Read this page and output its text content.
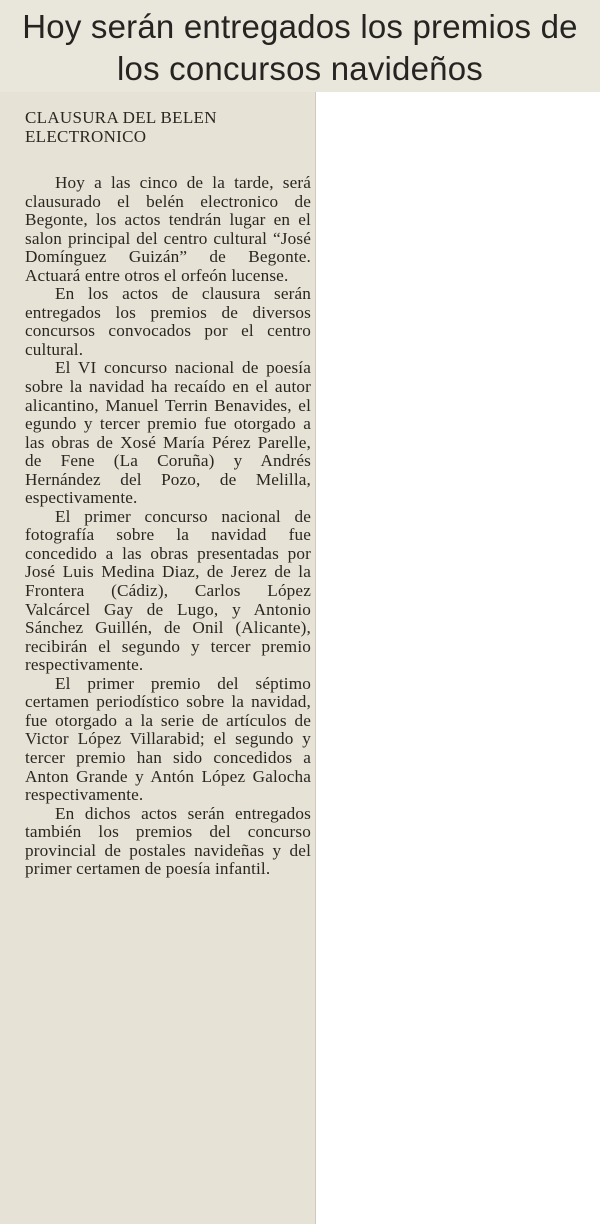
Hoy serán entregados los premios de
los concursos navideños
CLAUSURA DEL BELEN ELECTRONICO

Hoy a las cinco de la tarde, será clausurado el belén electronico de Begonte, los actos tendrán lugar en el salon principal del centro cultural “José Domínguez Guizán” de Begonte. Actuará entre otros el orfeón lucense.

En los actos de clausura serán entregados los premios de diversos concursos convocados por el centro cultural.

El VI concurso nacional de poesía sobre la navidad ha recaído en el autor alicantino, Manuel Terrin Benavides, el egundo y tercer premio fue otorgado a las obras de Xosé María Pérez Parelle, de Fene (La Coruña) y Andrés Hernández del Pozo, de Melilla, espectivamente.

El primer concurso nacional de fotografía sobre la navidad fue concedido a las obras presentadas por José Luis Medina Diaz, de Jerez de la Frontera (Cádiz), Carlos López Valcárcel Gay de Lugo, y Antonio Sánchez Guillén, de Onil (Alicante), recibirán el segundo y tercer premio respectivamente.

El primer premio del séptimo certamen periodístico sobre la navidad, fue otorgado a la serie de artículos de Victor López Villarabid; el segundo y tercer premio han sido concedidos a Anton Grande y Antón López Galocha respectivamente.

En dichos actos serán entregados también los premios del concurso provincial de postales navideñas y del primer certamen de poesía infantil.
